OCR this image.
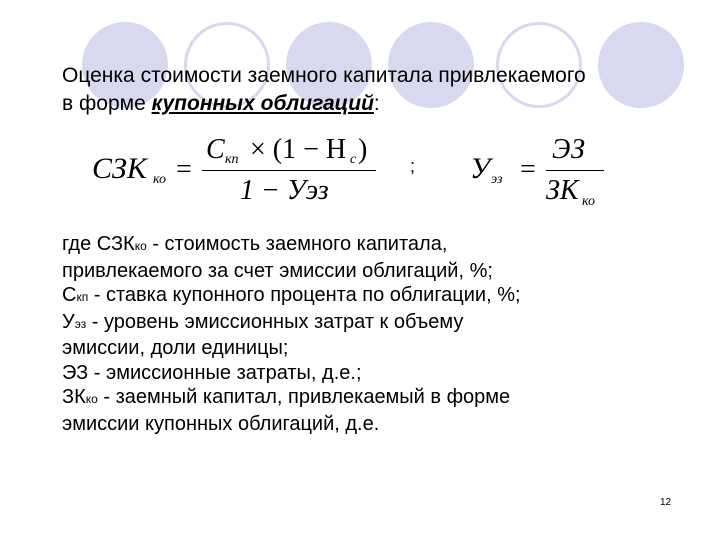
Оценка стоимости заемного капитала привлекаемого
в форме купонных облигаций:
СЗК ко =
С кп × (1 − Н с )
1 − Уэз
; У эз =
ЭЗ
ЗК ко
где СЗКко - стоимость заемного капитала,
привлекаемого за счет эмиссии облигаций, %;
Скп - ставка купонного процента по облигации, %;
Уэз - уровень эмиссионных затрат к объему
эмиссии, доли единицы;
ЭЗ - эмиссионные затраты, д.е.;
ЗКко - заемный капитал, привлекаемый в форме
эмиссии купонных облигаций, д.е.
12
